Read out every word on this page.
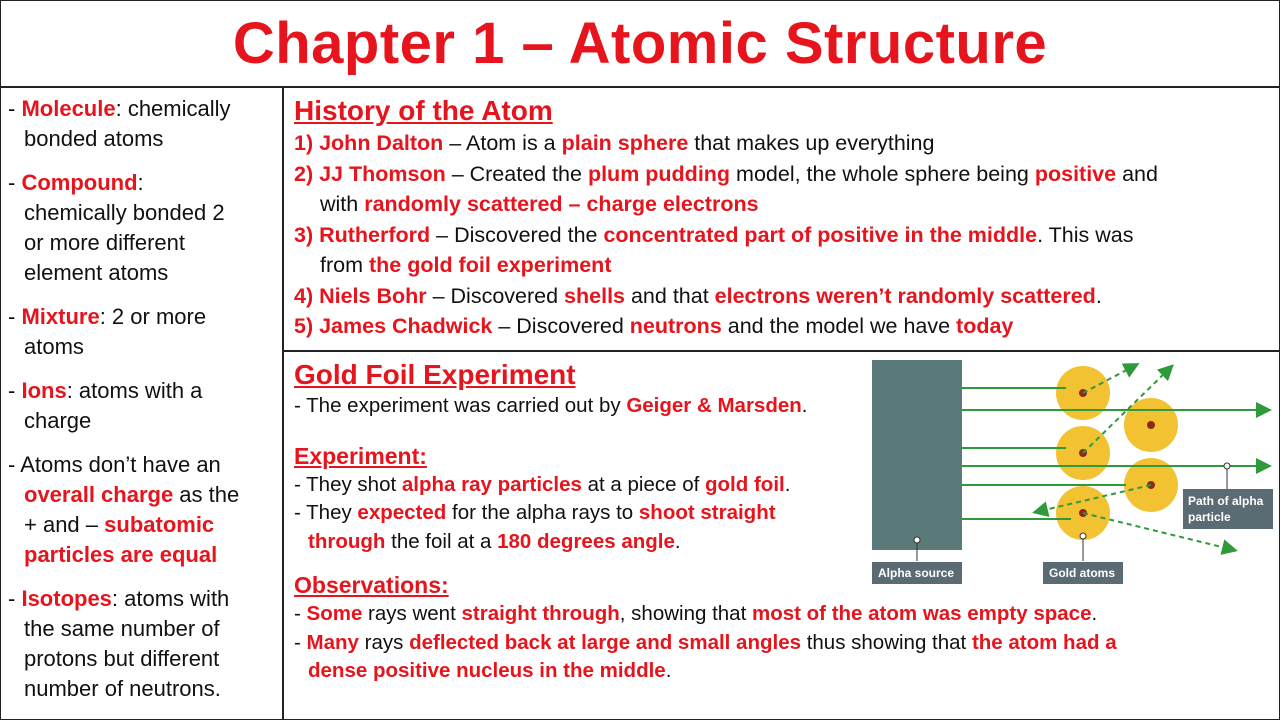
Chapter 1 – Atomic Structure
- Molecule: chemically
bonded atoms
- Compound:
chemically bonded 2
or more different
element atoms
- Mixture: 2 or more
atoms
- Ions: atoms with a
charge
- Atoms don’t have an
overall charge as the
+ and – subatomic
particles are equal
- Isotopes: atoms with
the same number of
protons but different
number of neutrons.
History of the Atom
1) John Dalton – Atom is a plain sphere that makes up everything
2) JJ Thomson – Created the plum pudding model, the whole sphere being positive and
with randomly scattered – charge electrons
3) Rutherford – Discovered the concentrated part of positive in the middle. This was
from the gold foil experiment
4) Niels Bohr – Discovered shells and that electrons weren’t randomly scattered.
5) James Chadwick – Discovered neutrons and the model we have today
Gold Foil Experiment
- The experiment was carried out by Geiger & Marsden.
Experiment:
- They shot alpha ray particles at a piece of gold foil.
- They expected for the alpha rays to shoot straight
through the foil at a 180 degrees angle.
Observations:
- Some rays went straight through, showing that most of the atom was empty space.
- Many rays deflected back at large and small angles thus showing that the atom had a
dense positive nucleus in the middle.
Alpha source	Gold atoms
Path of alpha
particle
